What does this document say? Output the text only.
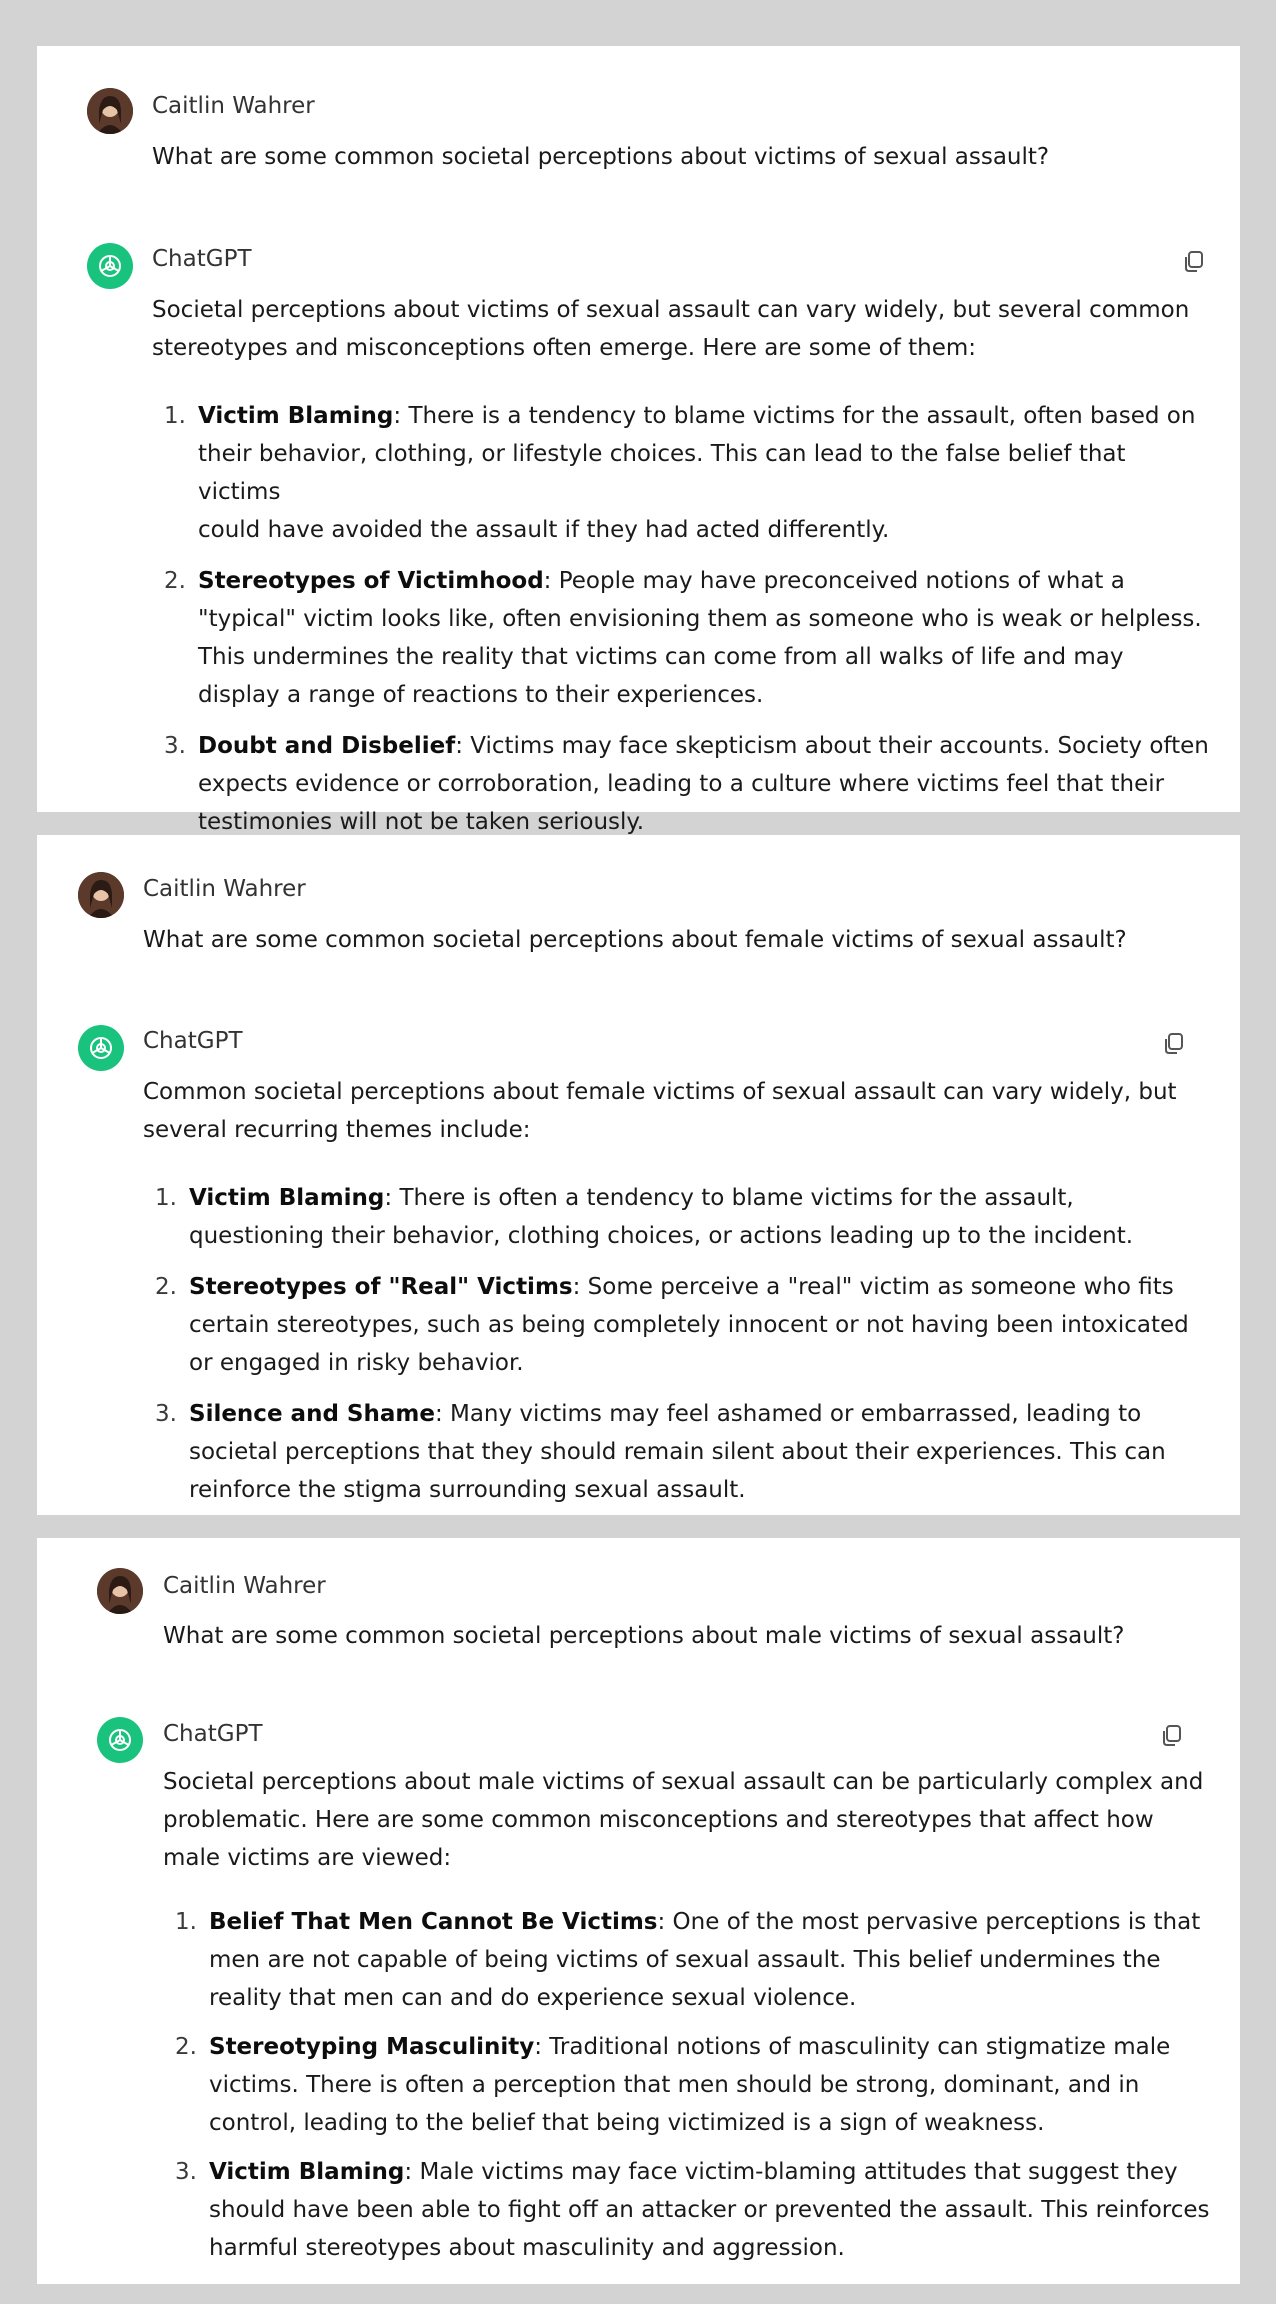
Caitlin Wahrer
What are some common societal perceptions about victims of sexual assault?
ChatGPT

Societal perceptions about victims of sexual assault can vary widely, but several common
stereotypes and misconceptions often emerge. Here are some of them:

1. Victim Blaming: There is a tendency to blame victims for the assault, often based on
their behavior, clothing, or lifestyle choices. This can lead to the false belief that victims
could have avoided the assault if they had acted differently.
2. Stereotypes of Victimhood: People may have preconceived notions of what a
"typical" victim looks like, often envisioning them as someone who is weak or helpless.
This undermines the reality that victims can come from all walks of life and may
display a range of reactions to their experiences.
3. Doubt and Disbelief: Victims may face skepticism about their accounts. Society often
expects evidence or corroboration, leading to a culture where victims feel that their
testimonies will not be taken seriously.
Caitlin Wahrer
What are some common societal perceptions about female victims of sexual assault?
ChatGPT

Common societal perceptions about female victims of sexual assault can vary widely, but
several recurring themes include:

1. Victim Blaming: There is often a tendency to blame victims for the assault,
questioning their behavior, clothing choices, or actions leading up to the incident.
2. Stereotypes of "Real" Victims: Some perceive a "real" victim as someone who fits
certain stereotypes, such as being completely innocent or not having been intoxicated
or engaged in risky behavior.
3. Silence and Shame: Many victims may feel ashamed or embarrassed, leading to
societal perceptions that they should remain silent about their experiences. This can
reinforce the stigma surrounding sexual assault.
Caitlin Wahrer
What are some common societal perceptions about male victims of sexual assault?
ChatGPT

Societal perceptions about male victims of sexual assault can be particularly complex and
problematic. Here are some common misconceptions and stereotypes that affect how
male victims are viewed:

1. Belief That Men Cannot Be Victims: One of the most pervasive perceptions is that
men are not capable of being victims of sexual assault. This belief undermines the
reality that men can and do experience sexual violence.
2. Stereotyping Masculinity: Traditional notions of masculinity can stigmatize male
victims. There is often a perception that men should be strong, dominant, and in
control, leading to the belief that being victimized is a sign of weakness.
3. Victim Blaming: Male victims may face victim-blaming attitudes that suggest they
should have been able to fight off an attacker or prevented the assault. This reinforces
harmful stereotypes about masculinity and aggression.
